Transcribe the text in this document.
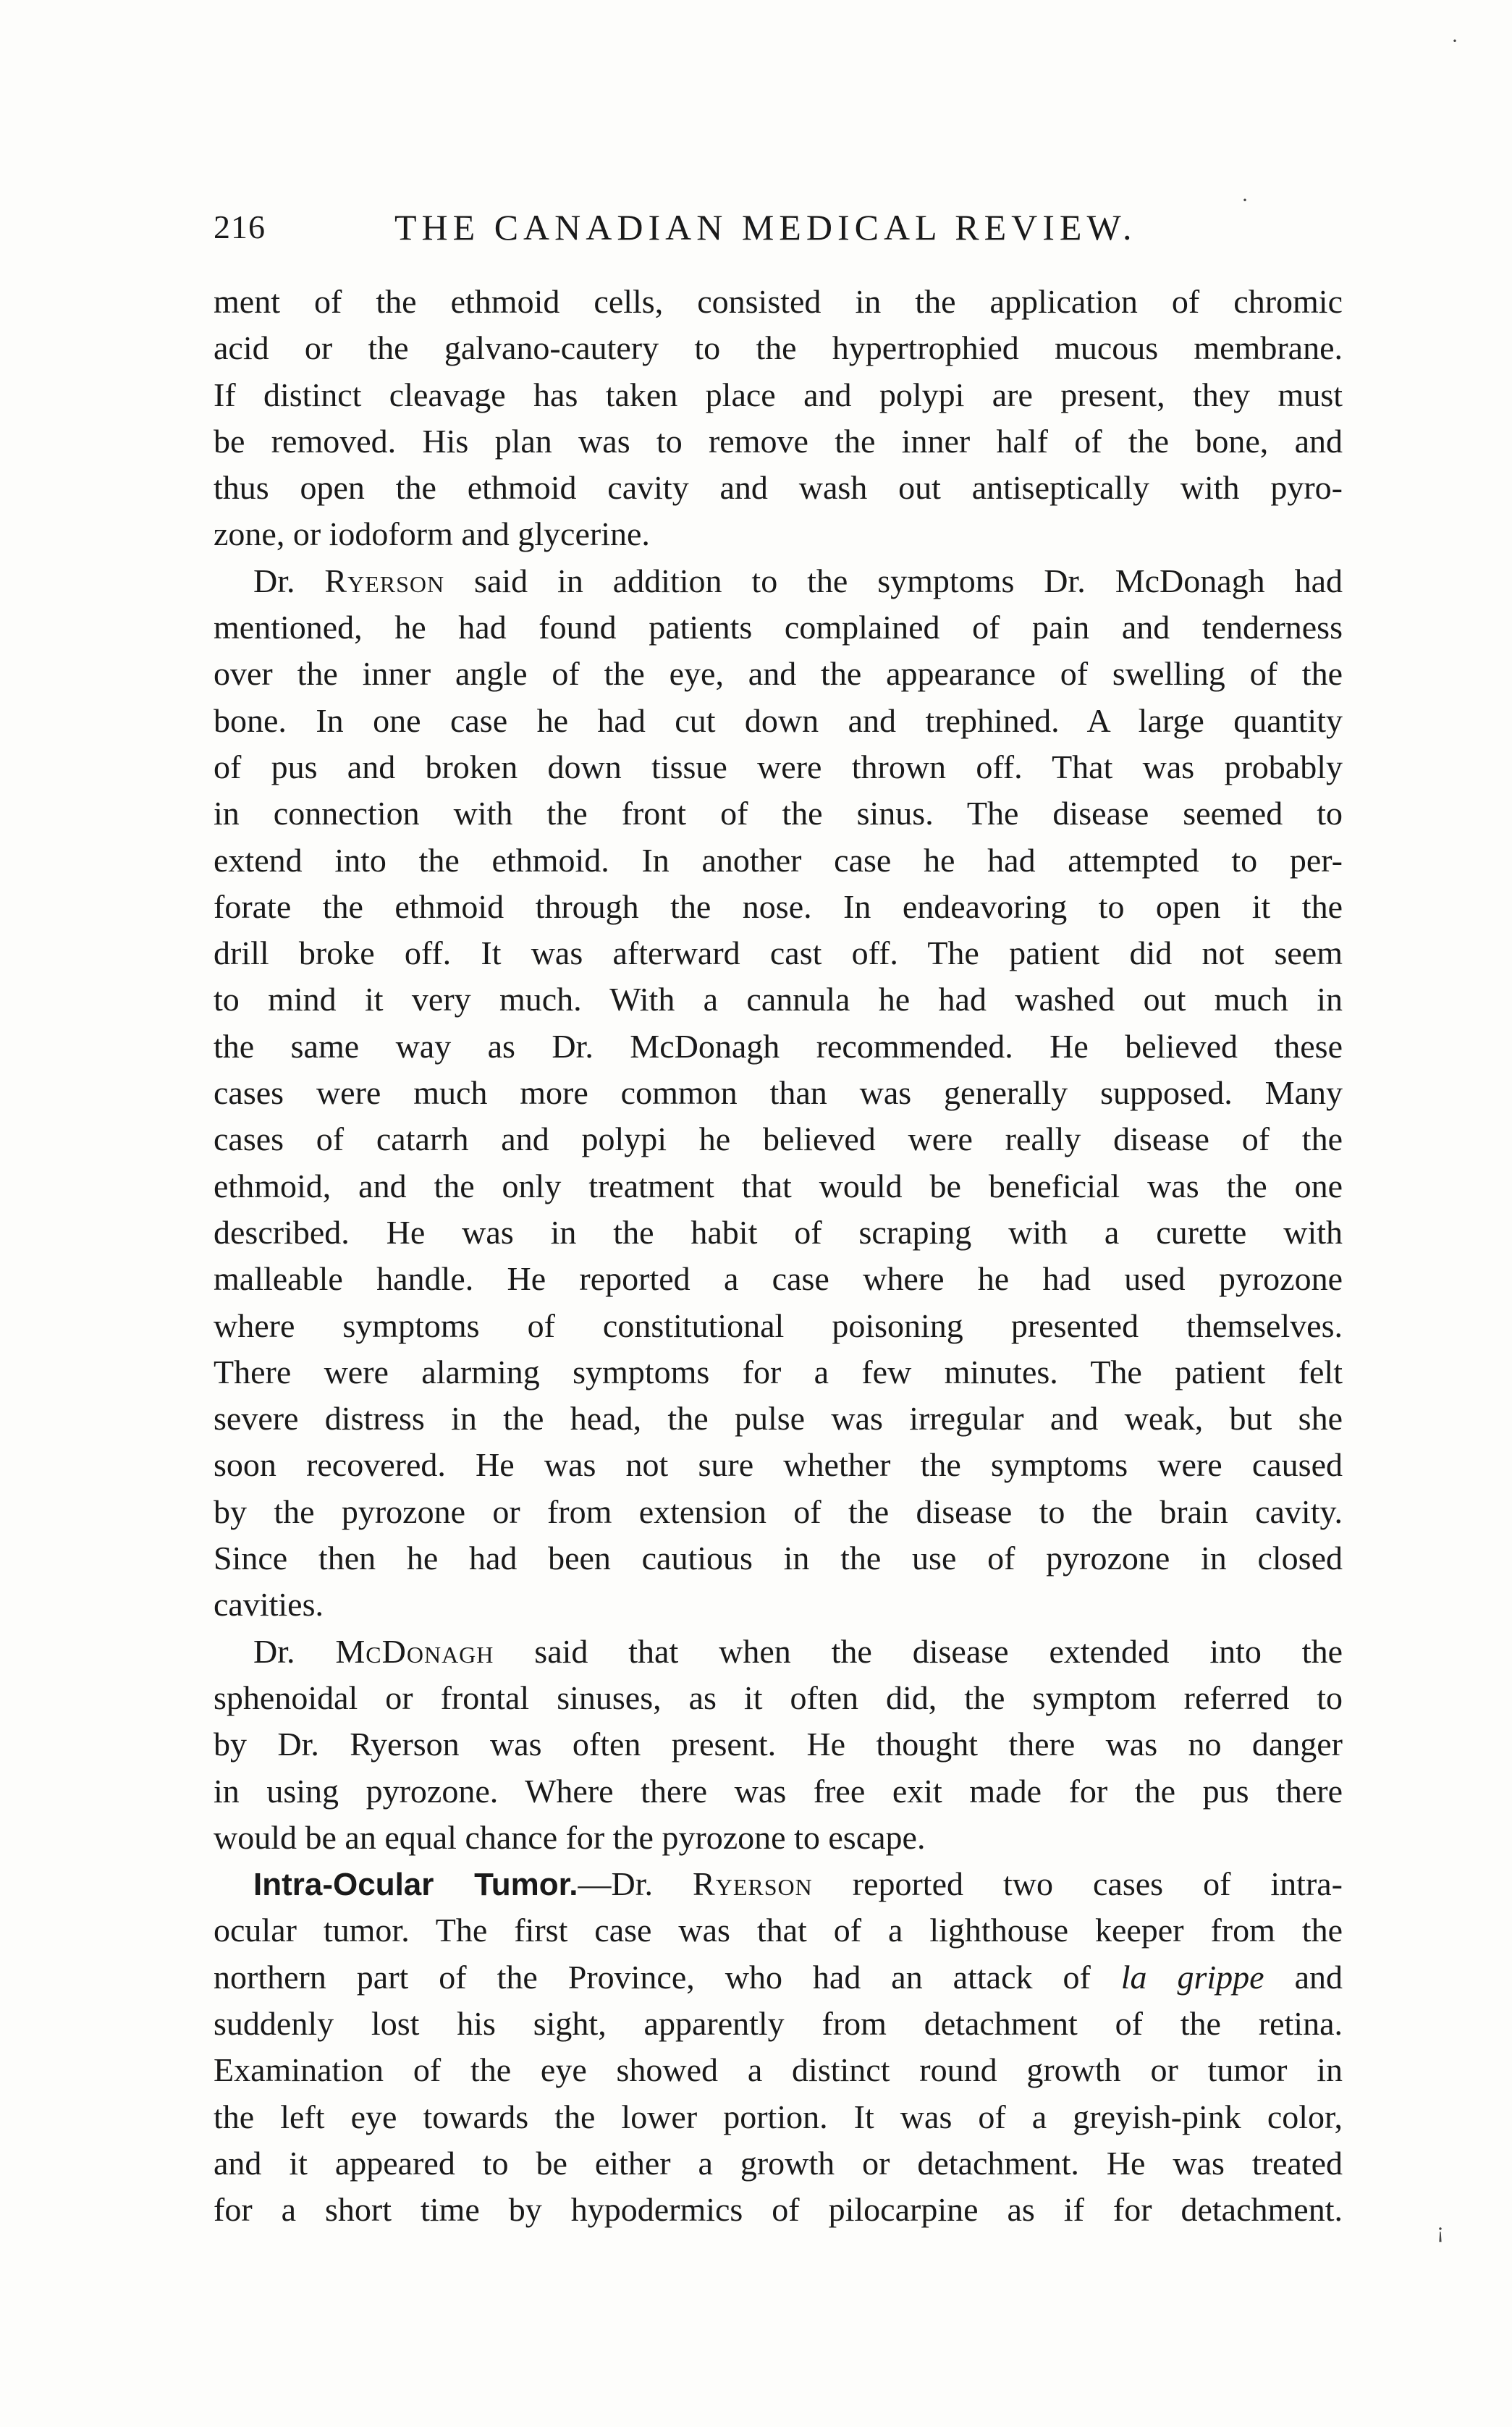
216	THE CANADIAN MEDICAL REVIEW.
·
·
¡
ment of the ethmoid cells, consisted in the application of chromic
acid or the galvano-cautery to the hypertrophied mucous membrane.
If distinct cleavage has taken place and polypi are present, they must
be removed. His plan was to remove the inner half of the bone, and
thus open the ethmoid cavity and wash out antiseptically with pyro-
zone, or iodoform and glycerine.
Dr. Ryerson said in addition to the symptoms Dr. McDonagh had
mentioned, he had found patients complained of pain and tenderness
over the inner angle of the eye, and the appearance of swelling of the
bone. In one case he had cut down and trephined. A large quantity
of pus and broken down tissue were thrown off. That was probably
in connection with the front of the sinus. The disease seemed to
extend into the ethmoid. In another case he had attempted to per-
forate the ethmoid through the nose. In endeavoring to open it the
drill broke off. It was afterward cast off. The patient did not seem
to mind it very much. With a cannula he had washed out much in
the same way as Dr. McDonagh recommended. He believed these
cases were much more common than was generally supposed. Many
cases of catarrh and polypi he believed were really disease of the
ethmoid, and the only treatment that would be beneficial was the one
described. He was in the habit of scraping with a curette with
malleable handle. He reported a case where he had used pyrozone
where symptoms of constitutional poisoning presented themselves.
There were alarming symptoms for a few minutes. The patient felt
severe distress in the head, the pulse was irregular and weak, but she
soon recovered. He was not sure whether the symptoms were caused
by the pyrozone or from extension of the disease to the brain cavity.
Since then he had been cautious in the use of pyrozone in closed
cavities.
Dr. McDonagh said that when the disease extended into the
sphenoidal or frontal sinuses, as it often did, the symptom referred to
by Dr. Ryerson was often present. He thought there was no danger
in using pyrozone. Where there was free exit made for the pus there
would be an equal chance for the pyrozone to escape.
Intra-Ocular Tumor.—Dr. Ryerson reported two cases of intra-
ocular tumor. The first case was that of a lighthouse keeper from the
northern part of the Province, who had an attack of la grippe and
suddenly lost his sight, apparently from detachment of the retina.
Examination of the eye showed a distinct round growth or tumor in
the left eye towards the lower portion. It was of a greyish-pink color,
and it appeared to be either a growth or detachment. He was treated
for a short time by hypodermics of pilocarpine as if for detachment.
